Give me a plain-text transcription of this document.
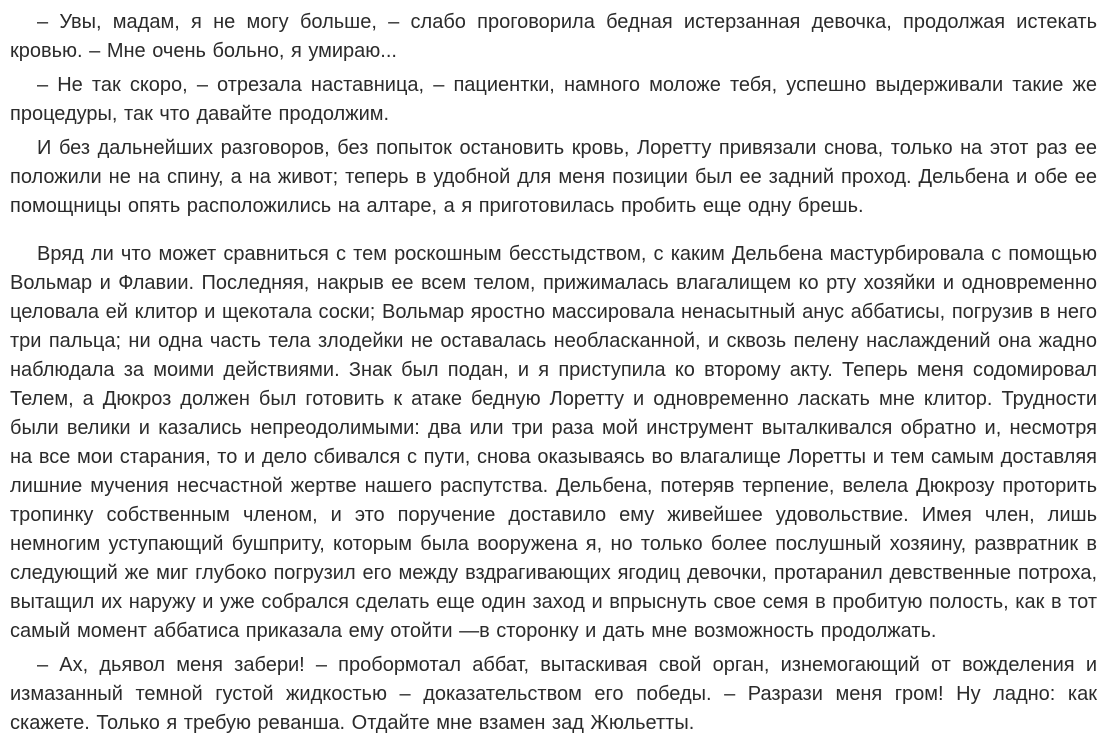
– Увы, мадам, я не могу больше, – слабо проговорила бедная истерзанная девочка, продолжая истекать кровью. – Мне очень больно, я умираю...

– Не так скоро, – отрезала наставница, – пациентки, намного моложе тебя, успешно выдерживали такие же процедуры, так что давайте продолжим.

И без дальнейших разговоров, без попыток остановить кровь, Лоретту привязали снова, только на этот раз ее положили не на спину, а на живот; теперь в удобной для меня позиции был ее задний проход. Дельбена и обе ее помощницы опять расположились на алтаре, а я приготовилась пробить еще одну брешь.

Вряд ли что может сравниться с тем роскошным бесстыдством, с каким Дельбена мастурбировала с помощью Вольмар и Флавии. Последняя, накрыв ее всем телом, прижималась влагалищем ко рту хозяйки и одновременно целовала ей клитор и щекотала соски; Вольмар яростно массировала ненасытный анус аббатисы, погрузив в него три пальца; ни одна часть тела злодейки не оставалась необласканной, и сквозь пелену наслаждений она жадно наблюдала за моими действиями. Знак был подан, и я приступила ко второму акту. Теперь меня содомировал Телем, а Дюкроз должен был готовить к атаке бедную Лоретту и одновременно ласкать мне клитор. Трудности были велики и казались непреодолимыми: два или три раза мой инструмент выталкивался обратно и, несмотря на все мои старания, то и дело сбивался с пути, снова оказываясь во влагалище Лоретты и тем самым доставляя лишние мучения несчастной жертве нашего распутства. Дельбена, потеряв терпение, велела Дюкрозу проторить тропинку собственным членом, и это поручение доставило ему живейшее удовольствие. Имея член, лишь немногим уступающий бушприту, которым была вооружена я, но только более послушный хозяину, развратник в следующий же миг глубоко погрузил его между вздрагивающих ягодиц девочки, протаранил девственные потроха, вытащил их наружу и уже собрался сделать еще один заход и впрыснуть свое семя в пробитую полость, как в тот самый момент аббатиса приказала ему отойти —в сторонку и дать мне возможность продолжать.

– Ах, дьявол меня забери! – пробормотал аббат, вытаскивая свой орган, изнемогающий от вожделения и измазанный темной густой жидкостью – доказательством его победы. – Разрази меня гром! Ну ладно: как скажете. Только я требую реванша. Отдайте мне взамен зад Жюльетты.
